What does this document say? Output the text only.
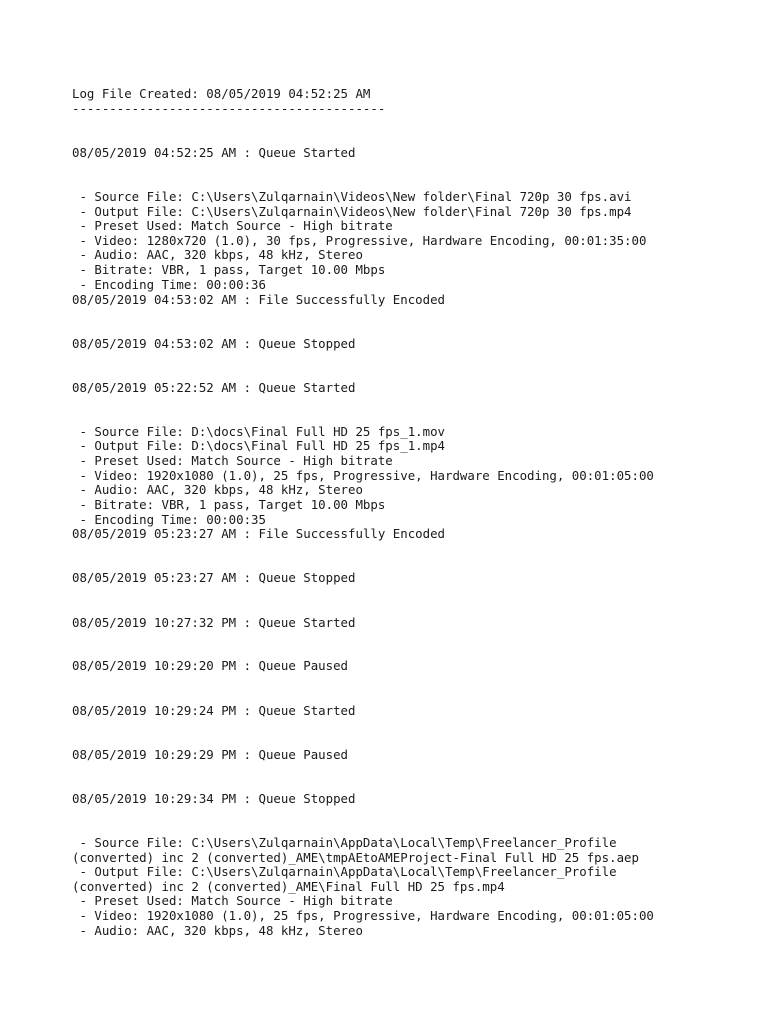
Log File Created: 08/05/2019 04:52:25 AM
------------------------------------------
08/05/2019 04:52:25 AM : Queue Started
- Source File: C:\Users\Zulqarnain\Videos\New folder\Final 720p 30 fps.avi
- Output File: C:\Users\Zulqarnain\Videos\New folder\Final 720p 30 fps.mp4
- Preset Used: Match Source - High bitrate
- Video: 1280x720 (1.0), 30 fps, Progressive, Hardware Encoding, 00:01:35:00
- Audio: AAC, 320 kbps, 48 kHz, Stereo
- Bitrate: VBR, 1 pass, Target 10.00 Mbps
- Encoding Time: 00:00:36
08/05/2019 04:53:02 AM : File Successfully Encoded
08/05/2019 04:53:02 AM : Queue Stopped
08/05/2019 05:22:52 AM : Queue Started
- Source File: D:\docs\Final Full HD 25 fps_1.mov
- Output File: D:\docs\Final Full HD 25 fps_1.mp4
- Preset Used: Match Source - High bitrate
- Video: 1920x1080 (1.0), 25 fps, Progressive, Hardware Encoding, 00:01:05:00
- Audio: AAC, 320 kbps, 48 kHz, Stereo
- Bitrate: VBR, 1 pass, Target 10.00 Mbps
- Encoding Time: 00:00:35
08/05/2019 05:23:27 AM : File Successfully Encoded
08/05/2019 05:23:27 AM : Queue Stopped
08/05/2019 10:27:32 PM : Queue Started
08/05/2019 10:29:20 PM : Queue Paused
08/05/2019 10:29:24 PM : Queue Started
08/05/2019 10:29:29 PM : Queue Paused
08/05/2019 10:29:34 PM : Queue Stopped
- Source File: C:\Users\Zulqarnain\AppData\Local\Temp\Freelancer_Profile
(converted) inc 2 (converted)_AME\tmpAEtoAMEProject-Final Full HD 25 fps.aep
- Output File: C:\Users\Zulqarnain\AppData\Local\Temp\Freelancer_Profile
(converted) inc 2 (converted)_AME\Final Full HD 25 fps.mp4
- Preset Used: Match Source - High bitrate
- Video: 1920x1080 (1.0), 25 fps, Progressive, Hardware Encoding, 00:01:05:00
- Audio: AAC, 320 kbps, 48 kHz, Stereo
